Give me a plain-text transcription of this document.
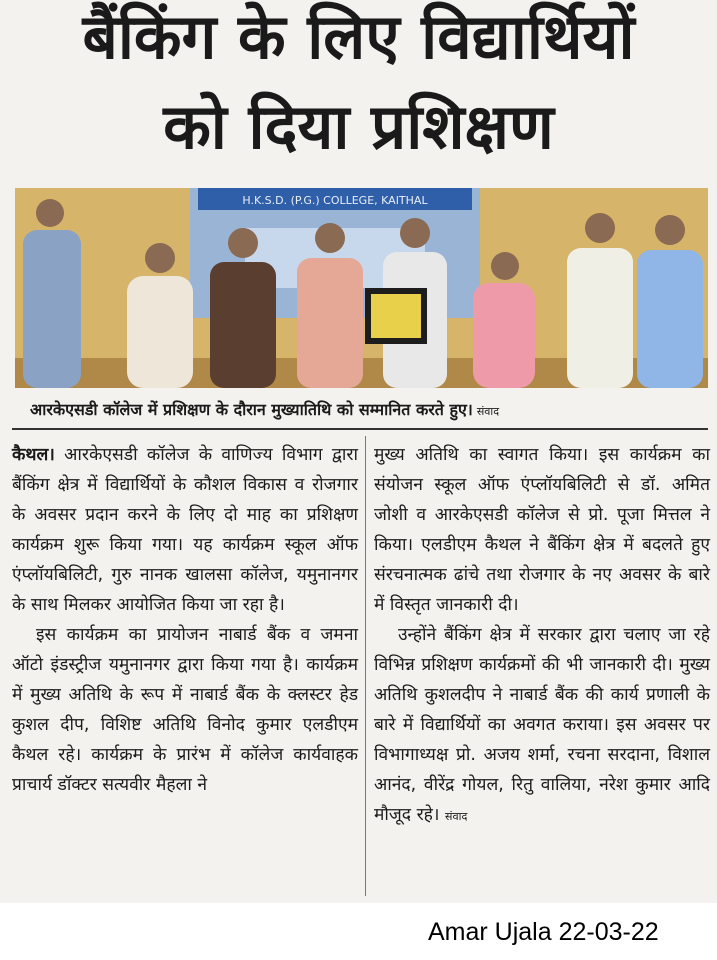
बैंकिंग के लिए विद्यार्थियों
को दिया प्रशिक्षण
H.K.S.D. (P.G.) COLLEGE, KAITHAL
आरकेएसडी कॉलेज में प्रशिक्षण के दौरान मुख्यातिथि को सम्मानित करते हुए। संवाद

कैथल। आरकेएसडी कॉलेज के वाणिज्य विभाग द्वारा बैंकिंग क्षेत्र में विद्यार्थियों के कौशल विकास व रोजगार के अवसर प्रदान करने के लिए दो माह का प्रशिक्षण कार्यक्रम शुरू किया गया। यह कार्यक्रम स्कूल ऑफ एंप्लॉयबिलिटी, गुरु नानक खालसा कॉलेज, यमुनानगर के साथ मिलकर आयोजित किया जा रहा है।

इस कार्यक्रम का प्रायोजन नाबार्ड बैंक व जमना ऑटो इंडस्ट्रीज यमुनानगर द्वारा किया गया है। कार्यक्रम में मुख्य अतिथि के रूप में नाबार्ड बैंक के क्लस्टर हेड कुशल दीप, विशिष्ट अतिथि विनोद कुमार एलडीएम कैथल रहे। कार्यक्रम के प्रारंभ में कॉलेज कार्यवाहक प्राचार्य डॉक्टर सत्यवीर मैहला ने

मुख्य अतिथि का स्वागत किया। इस कार्यक्रम का संयोजन स्कूल ऑफ एंप्लॉयबिलिटी से डॉ. अमित जोशी व आरकेएसडी कॉलेज से प्रो. पूजा मित्तल ने किया। एलडीएम कैथल ने बैंकिंग क्षेत्र में बदलते हुए संरचनात्मक ढांचे तथा रोजगार के नए अवसर के बारे में विस्तृत जानकारी दी।

उन्होंने बैंकिंग क्षेत्र में सरकार द्वारा चलाए जा रहे विभिन्न प्रशिक्षण कार्यक्रमों की भी जानकारी दी। मुख्य अतिथि कुशलदीप ने नाबार्ड बैंक की कार्य प्रणाली के बारे में विद्यार्थियों का अवगत कराया। इस अवसर पर विभागाध्यक्ष प्रो. अजय शर्मा, रचना सरदाना, विशाल आनंद, वीरेंद्र गोयल, रितु वालिया, नरेश कुमार आदि मौजूद रहे। संवाद

Amar Ujala 22-03-22
